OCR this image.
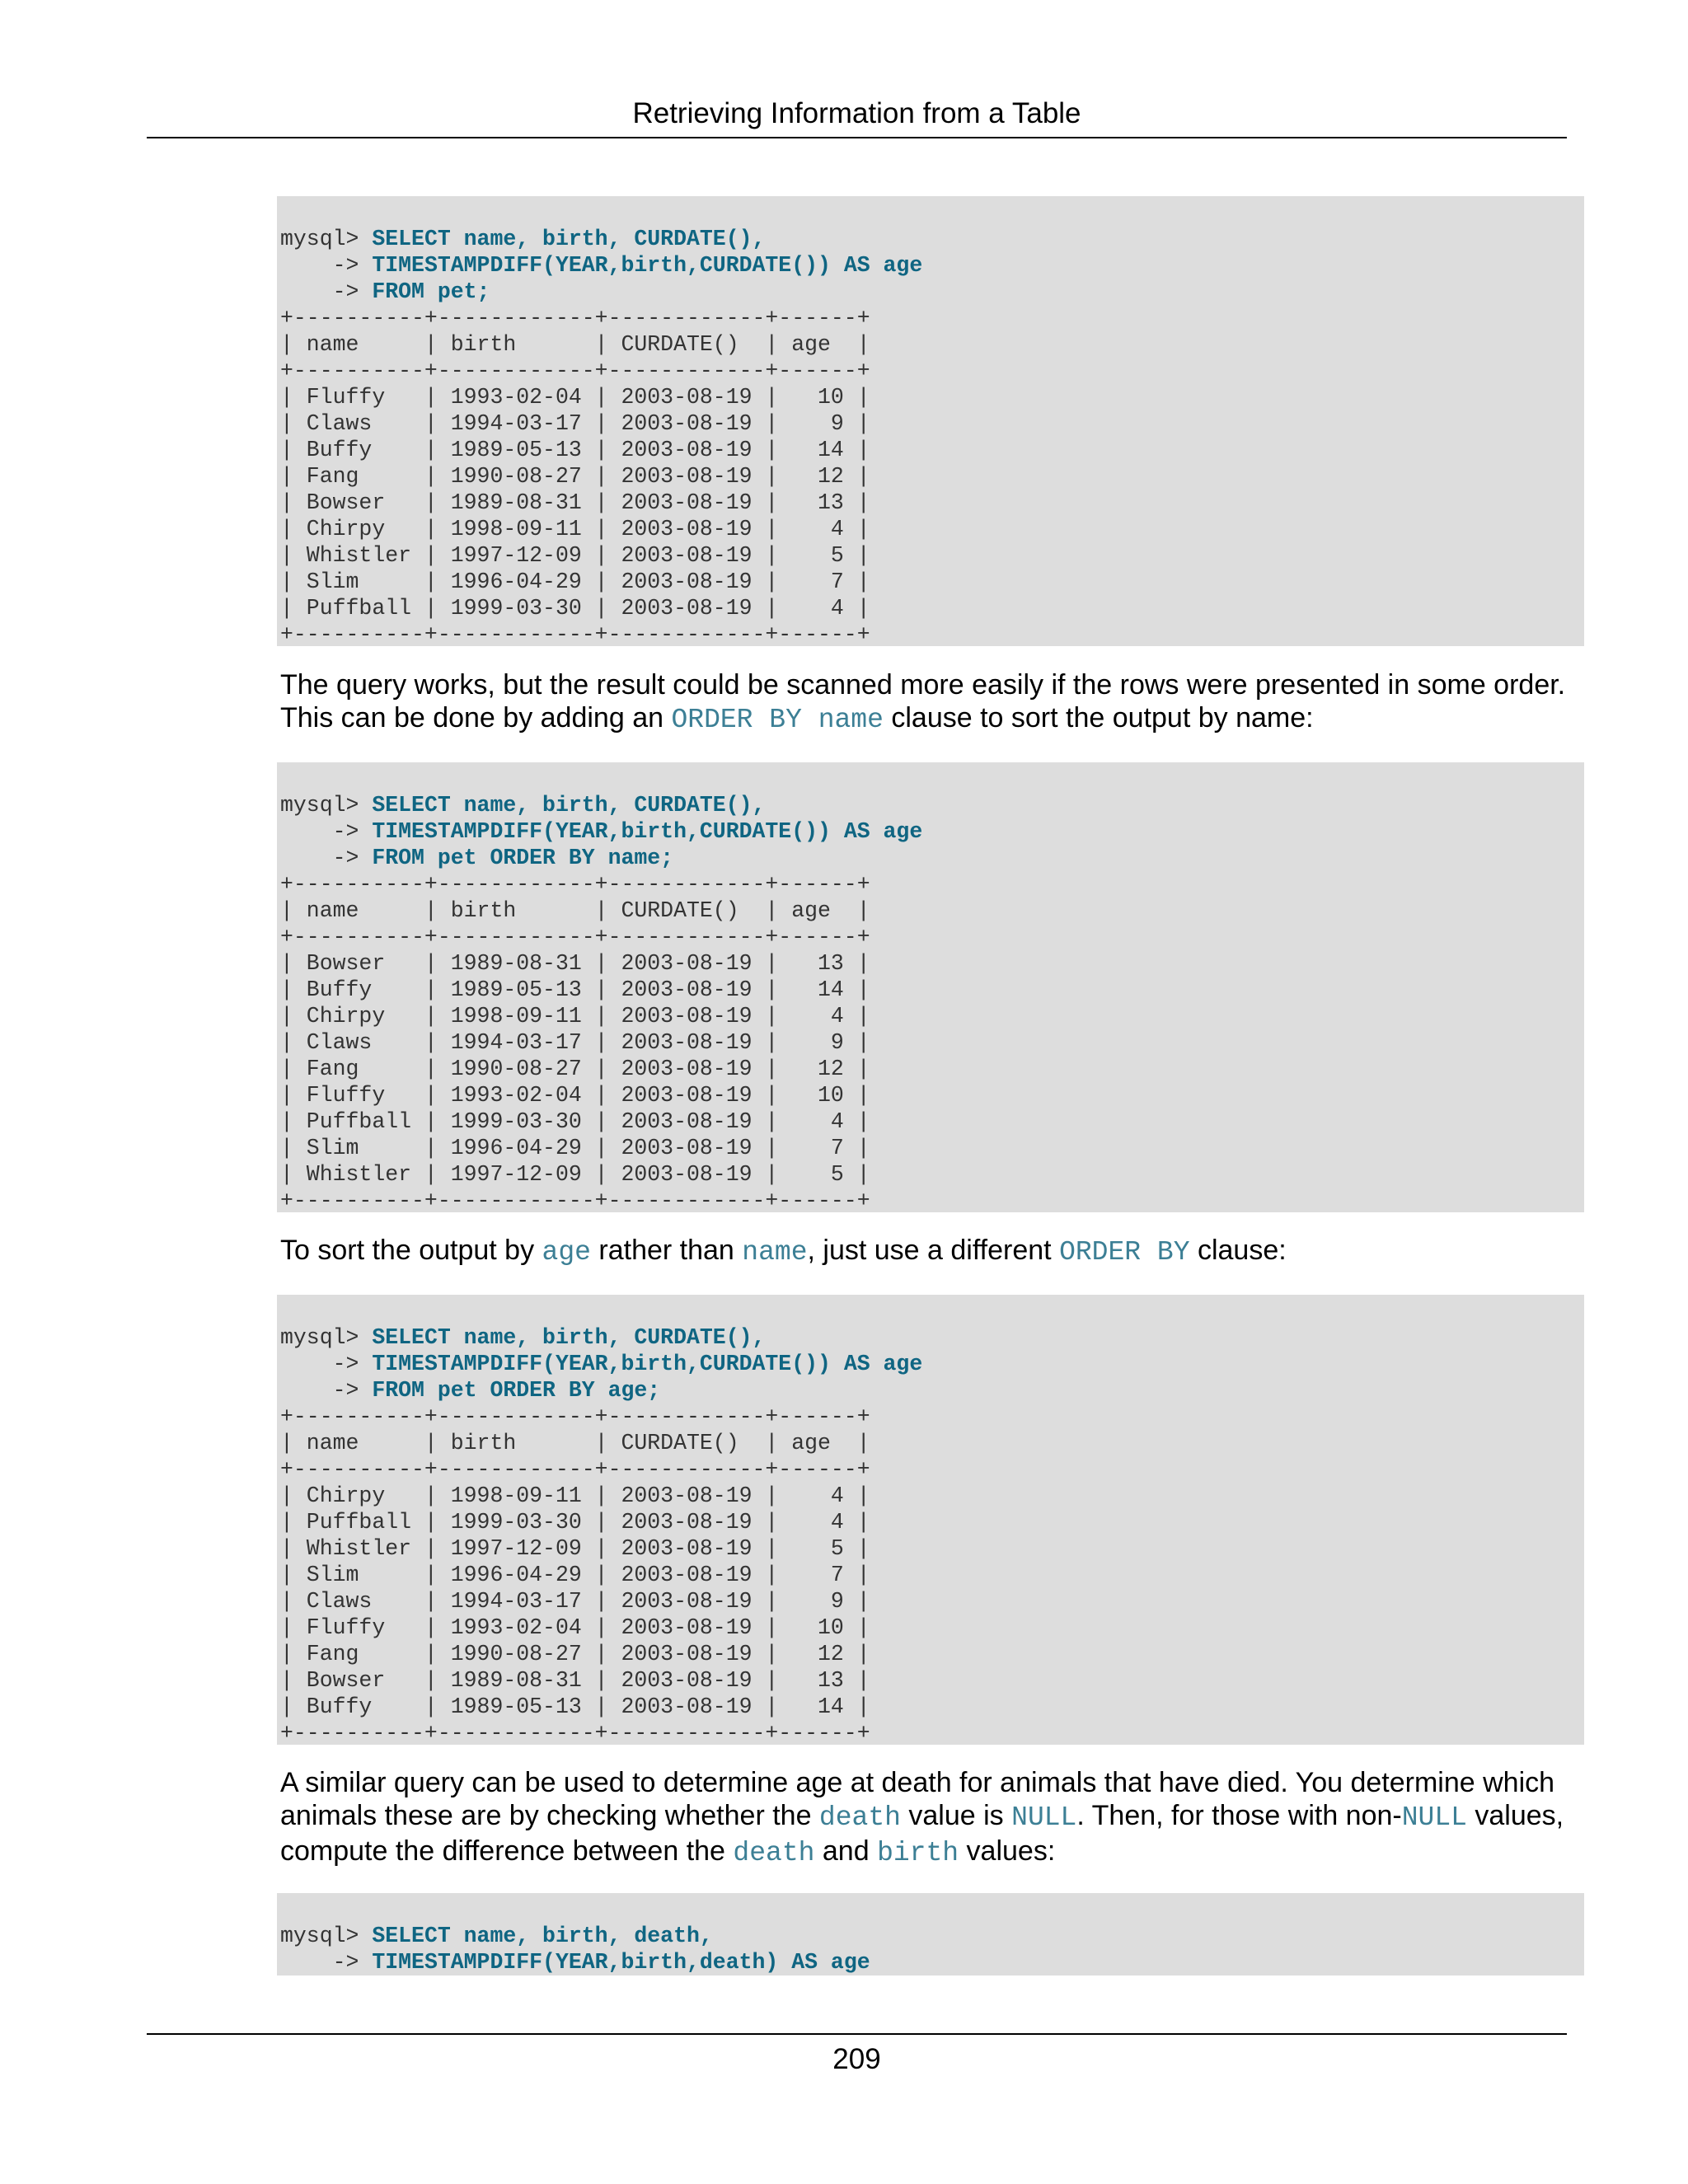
Retrieving Information from a Table
mysql> SELECT name, birth, CURDATE(),
-> TIMESTAMPDIFF(YEAR,birth,CURDATE()) AS age
-> FROM pet;
+----------+------------+------------+------+
| name     | birth      | CURDATE()  | age  |
+----------+------------+------------+------+
| Fluffy   | 1993-02-04 | 2003-08-19 |   10 |
| Claws    | 1994-03-17 | 2003-08-19 |    9 |
| Buffy    | 1989-05-13 | 2003-08-19 |   14 |
| Fang     | 1990-08-27 | 2003-08-19 |   12 |
| Bowser   | 1989-08-31 | 2003-08-19 |   13 |
| Chirpy   | 1998-09-11 | 2003-08-19 |    4 |
| Whistler | 1997-12-09 | 2003-08-19 |    5 |
| Slim     | 1996-04-29 | 2003-08-19 |    7 |
| Puffball | 1999-03-30 | 2003-08-19 |    4 |
+----------+------------+------------+------+

The query works, but the result could be scanned more easily if the rows were presented in some order.
This can be done by adding an ORDER BY name clause to sort the output by name:

mysql> SELECT name, birth, CURDATE(),
-> TIMESTAMPDIFF(YEAR,birth,CURDATE()) AS age
-> FROM pet ORDER BY name;
+----------+------------+------------+------+
| name     | birth      | CURDATE()  | age  |
+----------+------------+------------+------+
| Bowser   | 1989-08-31 | 2003-08-19 |   13 |
| Buffy    | 1989-05-13 | 2003-08-19 |   14 |
| Chirpy   | 1998-09-11 | 2003-08-19 |    4 |
| Claws    | 1994-03-17 | 2003-08-19 |    9 |
| Fang     | 1990-08-27 | 2003-08-19 |   12 |
| Fluffy   | 1993-02-04 | 2003-08-19 |   10 |
| Puffball | 1999-03-30 | 2003-08-19 |    4 |
| Slim     | 1996-04-29 | 2003-08-19 |    7 |
| Whistler | 1997-12-09 | 2003-08-19 |    5 |
+----------+------------+------------+------+

To sort the output by age rather than name, just use a different ORDER BY clause:

mysql> SELECT name, birth, CURDATE(),
-> TIMESTAMPDIFF(YEAR,birth,CURDATE()) AS age
-> FROM pet ORDER BY age;
+----------+------------+------------+------+
| name     | birth      | CURDATE()  | age  |
+----------+------------+------------+------+
| Chirpy   | 1998-09-11 | 2003-08-19 |    4 |
| Puffball | 1999-03-30 | 2003-08-19 |    4 |
| Whistler | 1997-12-09 | 2003-08-19 |    5 |
| Slim     | 1996-04-29 | 2003-08-19 |    7 |
| Claws    | 1994-03-17 | 2003-08-19 |    9 |
| Fluffy   | 1993-02-04 | 2003-08-19 |   10 |
| Fang     | 1990-08-27 | 2003-08-19 |   12 |
| Bowser   | 1989-08-31 | 2003-08-19 |   13 |
| Buffy    | 1989-05-13 | 2003-08-19 |   14 |
+----------+------------+------------+------+

A similar query can be used to determine age at death for animals that have died. You determine which
animals these are by checking whether the death value is NULL. Then, for those with non-NULL values,
compute the difference between the death and birth values:

mysql> SELECT name, birth, death,
-> TIMESTAMPDIFF(YEAR,birth,death) AS age
209
